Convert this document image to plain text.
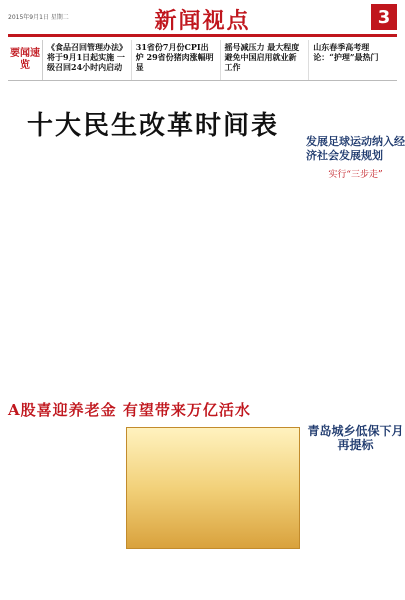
2015年9月1日 星期二	新闻视点	3
要闻速览
《食品召回管理办法》将于9月1日起实施 一级召回24小时内启动
31省份7月份CPI出炉 29省份猪肉涨幅明显
摇号减压力 最大程度避免中国启用就业新工作
山东春季高考理论：“护理”最热门
十大民生改革时间表
A股喜迎养老金 有望带来万亿活水
发展足球运动纳入经济社会发展规划
实行“三步走”
青岛城乡低保下月再提标
